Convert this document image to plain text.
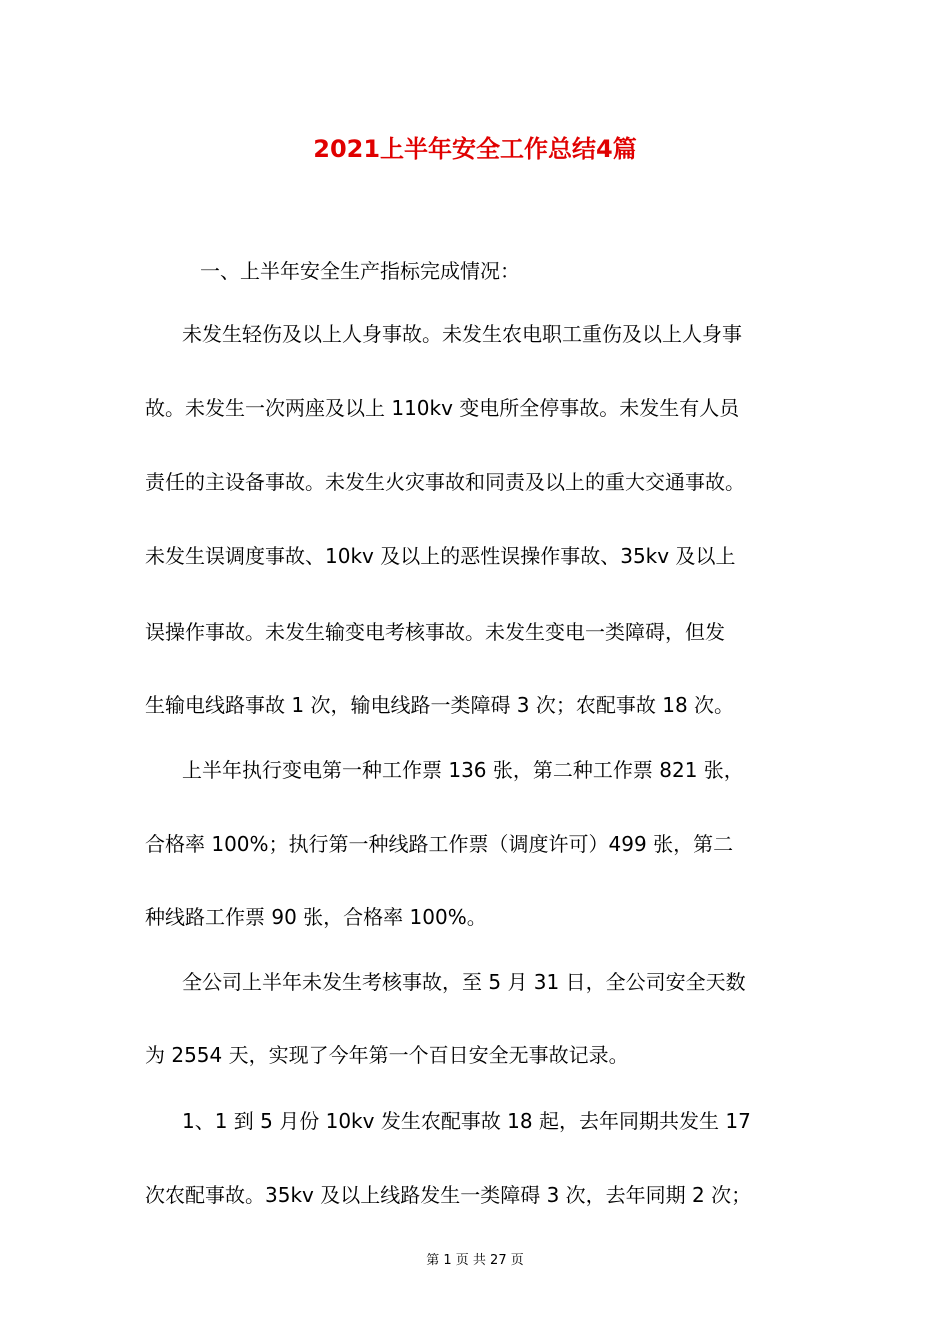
2021上半年安全工作总结4篇
一、上半年安全生产指标完成情况：
未发生轻伤及以上人身事故。未发生农电职工重伤及以上人身事
故。未发生一次两座及以上 110kv 变电所全停事故。未发生有人员
责任的主设备事故。未发生火灾事故和同责及以上的重大交通事故。
未发生误调度事故、10kv 及以上的恶性误操作事故、35kv 及以上
误操作事故。未发生输变电考核事故。未发生变电一类障碍，但发
生输电线路事故 1 次，输电线路一类障碍 3 次；农配事故 18 次。
上半年执行变电第一种工作票 136 张，第二种工作票 821 张，
合格率 100%；执行第一种线路工作票（调度许可）499 张，第二
种线路工作票 90 张，合格率 100%。
全公司上半年未发生考核事故，至 5 月 31 日，全公司安全天数
为 2554 天，实现了今年第一个百日安全无事故记录。
1、1 到 5 月份 10kv 发生农配事故 18 起，去年同期共发生 17
次农配事故。35kv 及以上线路发生一类障碍 3 次，去年同期 2 次；
第 1 页 共 27 页
